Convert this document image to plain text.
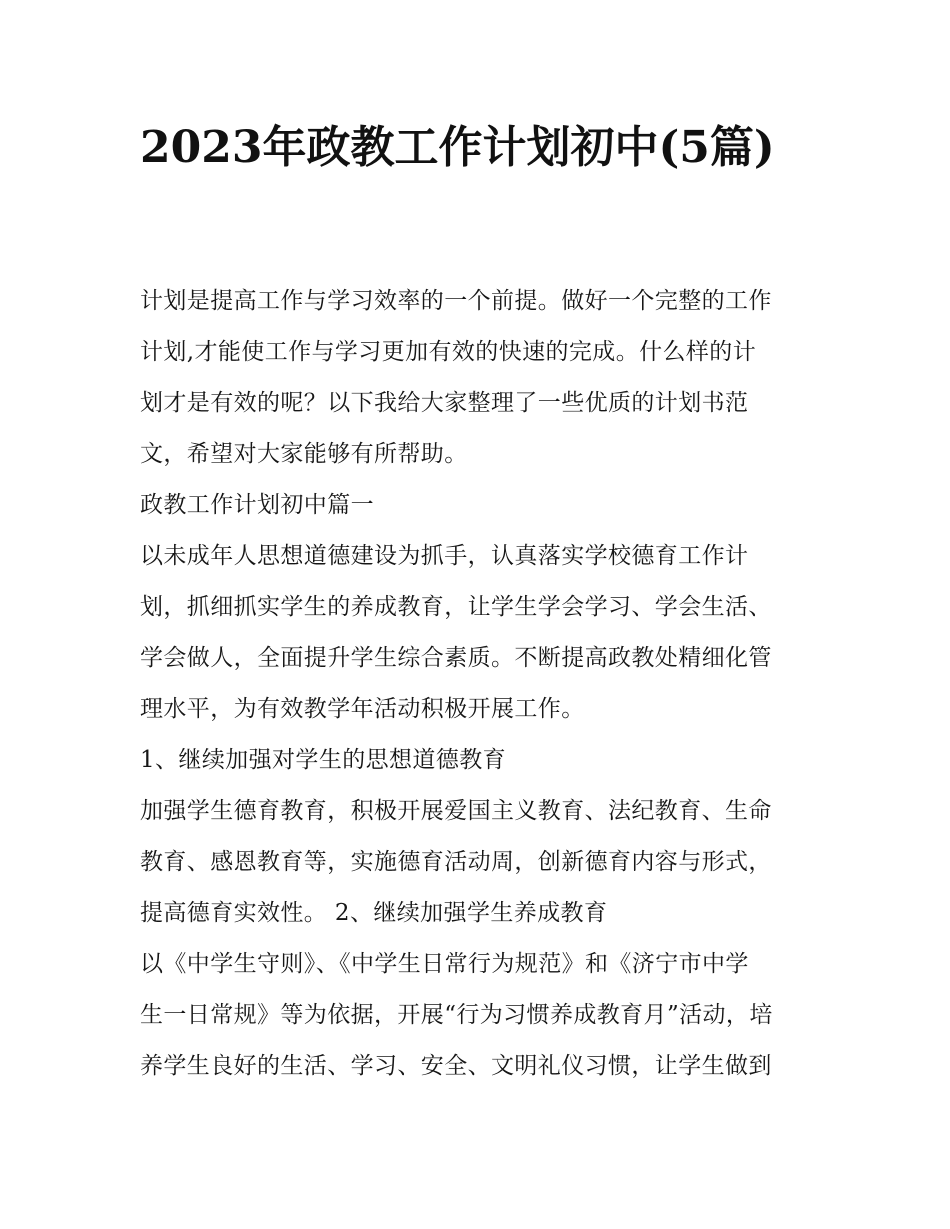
2023年政教工作计划初中(5篇)

计划是提高工作与学习效率的一个前提。做好一个完整的工作

计划,才能使工作与学习更加有效的快速的完成。什么样的计

划才是有效的呢？以下我给大家整理了一些优质的计划书范

文，希望对大家能够有所帮助。

政教工作计划初中篇一

以未成年人思想道德建设为抓手，认真落实学校德育工作计

划，抓细抓实学生的养成教育，让学生学会学习、学会生活、

学会做人，全面提升学生综合素质。不断提高政教处精细化管

理水平，为有效教学年活动积极开展工作。

1、继续加强对学生的思想道德教育

加强学生德育教育，积极开展爱国主义教育、法纪教育、生命

教育、感恩教育等，实施德育活动周，创新德育内容与形式，

提高德育实效性。 2、继续加强学生养成教育

以《中学生守则》、《中学生日常行为规范》和《济宁市中学

生一日常规》等为依据，开展“行为习惯养成教育月”活动，培

养学生良好的生活、学习、安全、文明礼仪习惯，让学生做到
